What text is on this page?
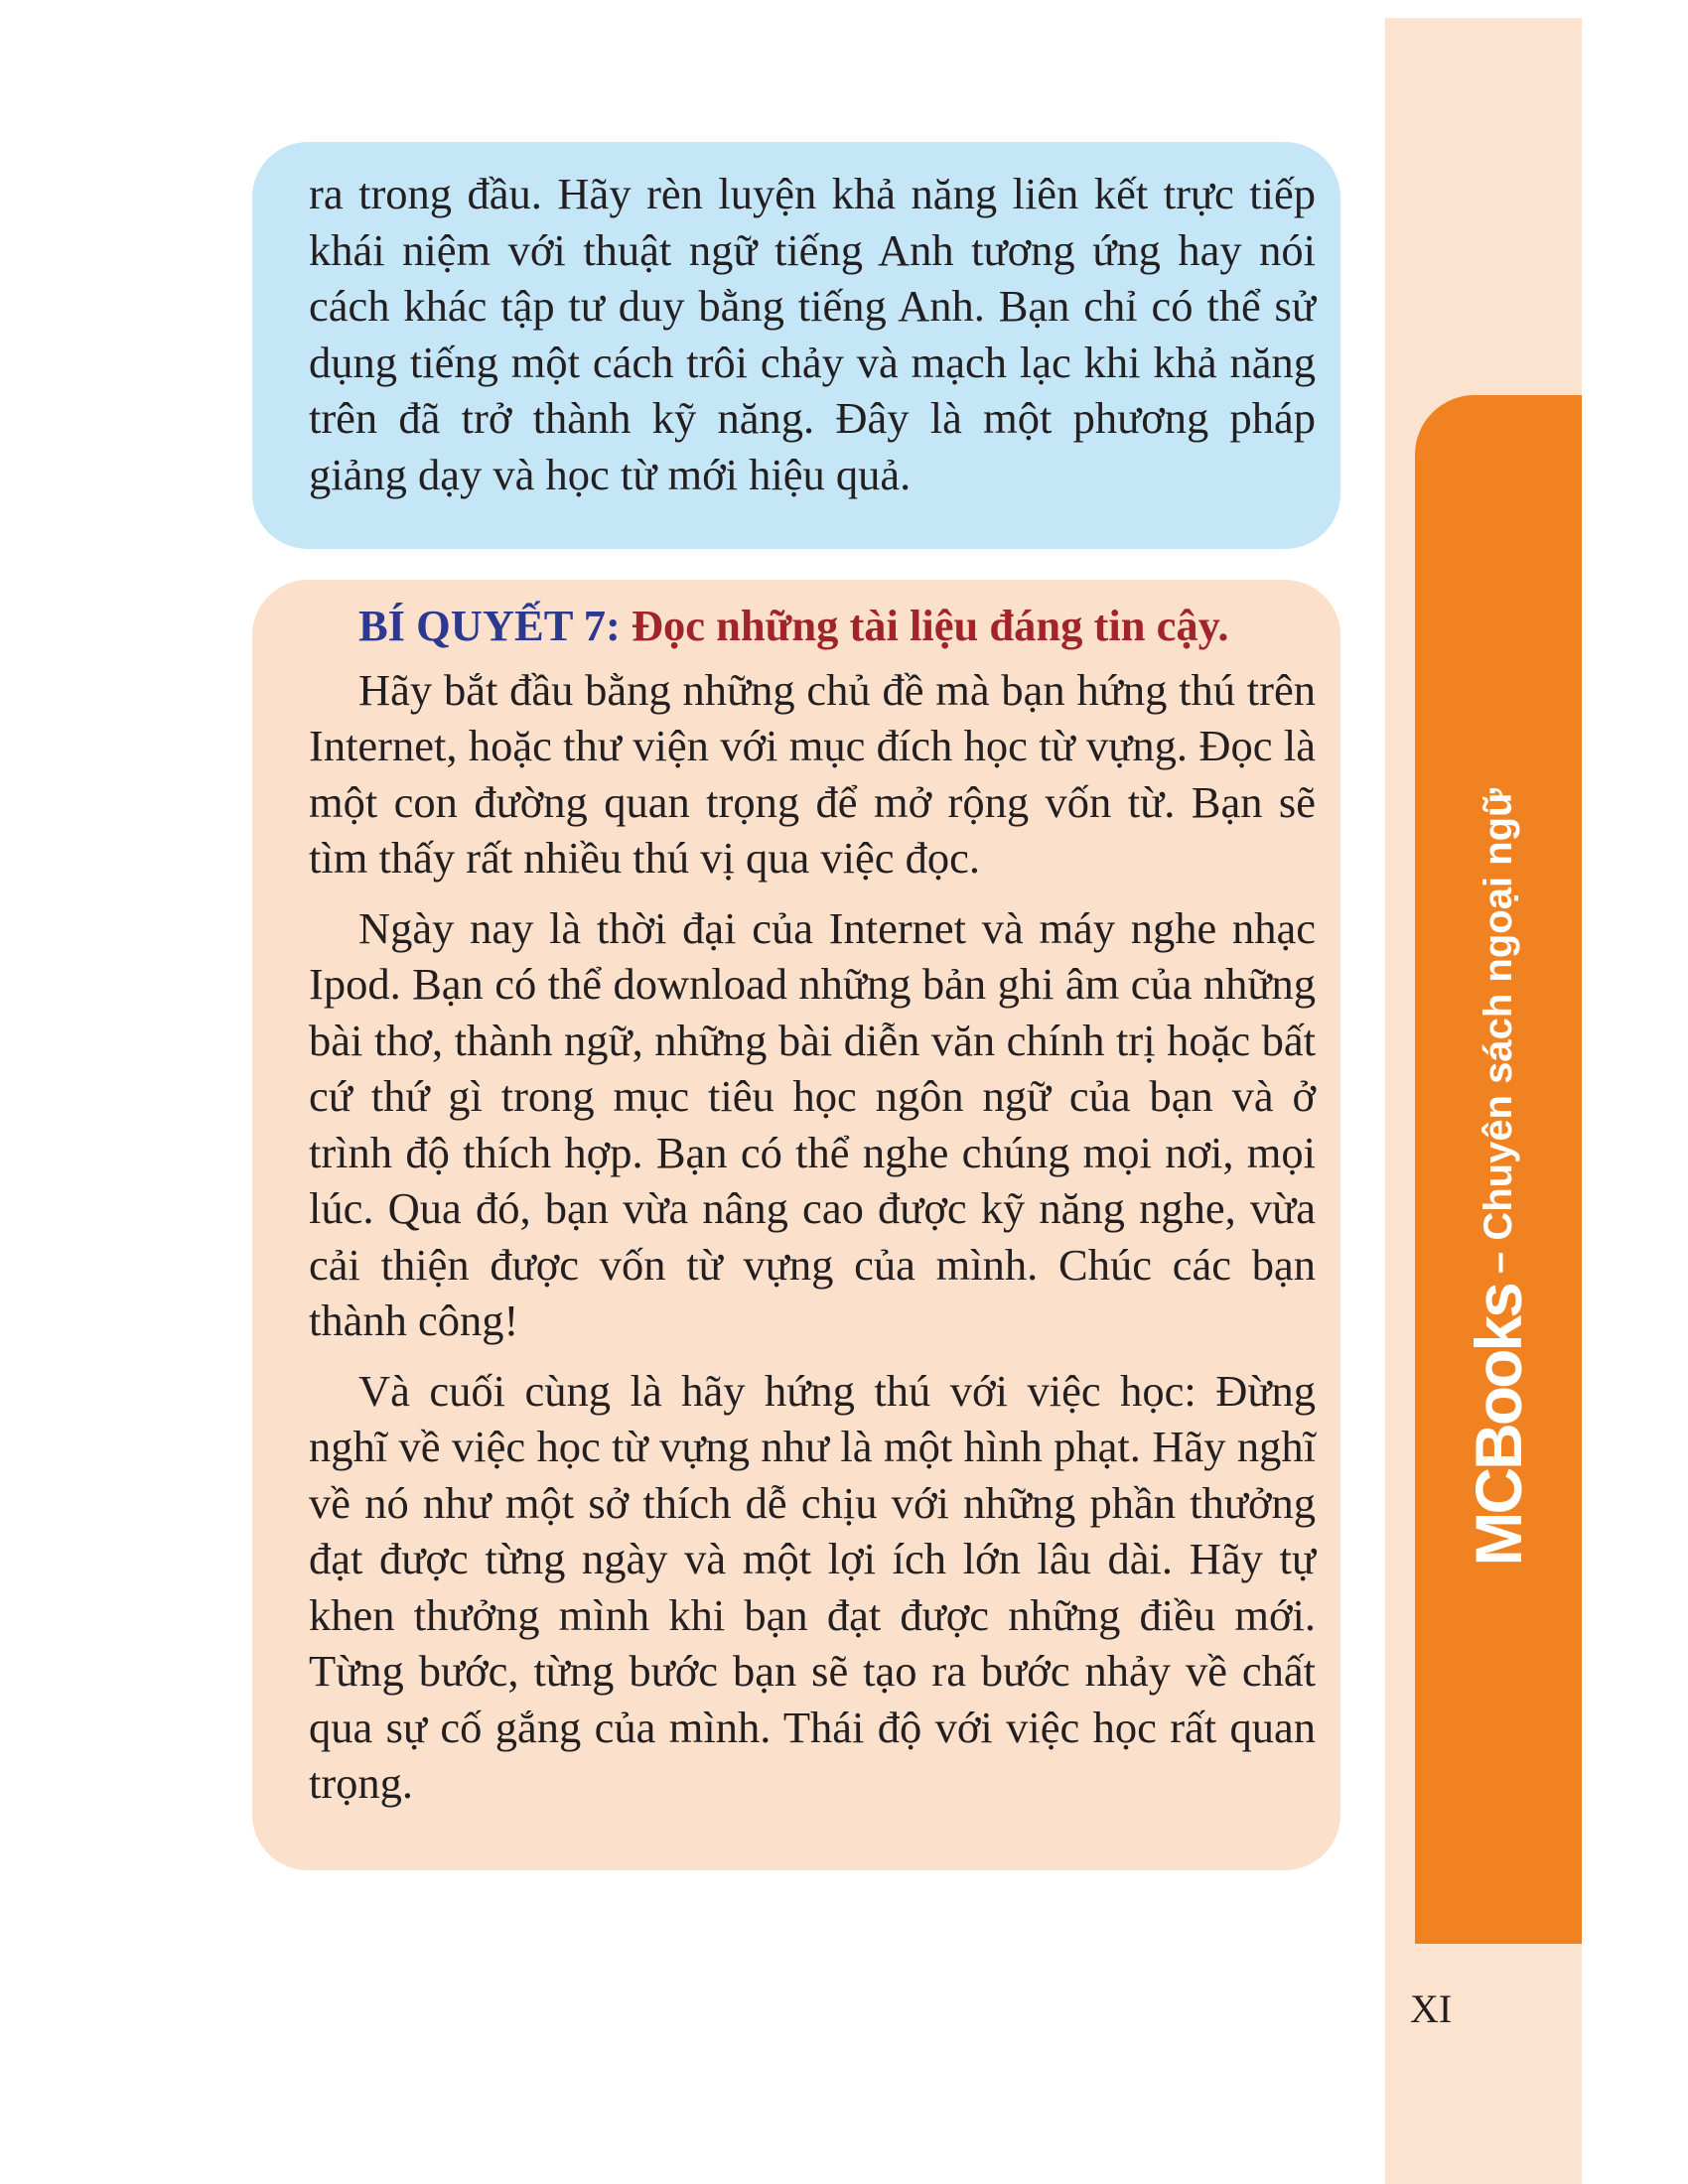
MCBooks – Chuyên sách ngoại ngữ

ra trong đầu. Hãy rèn luyện khả năng liên kết trực tiếp khái niệm với thuật ngữ tiếng Anh tương ứng hay nói cách khác tập tư duy bằng tiếng Anh. Bạn chỉ có thể sử dụng tiếng một cách trôi chảy và mạch lạc khi khả năng trên đã trở thành kỹ năng. Đây là một phương pháp giảng dạy và học từ mới hiệu quả.

BÍ QUYẾT 7: Đọc những tài liệu đáng tin cậy.

Hãy bắt đầu bằng những chủ đề mà bạn hứng thú trên Internet, hoặc thư viện với mục đích học từ vựng. Đọc là một con đường quan trọng để mở rộng vốn từ. Bạn sẽ tìm thấy rất nhiều thú vị qua việc đọc.

Ngày nay là thời đại của Internet và máy nghe nhạc Ipod. Bạn có thể download những bản ghi âm của những bài thơ, thành ngữ, những bài diễn văn chính trị hoặc bất cứ thứ gì trong mục tiêu học ngôn ngữ của bạn và ở trình độ thích hợp. Bạn có thể nghe chúng mọi nơi, mọi lúc. Qua đó, bạn vừa nâng cao được kỹ năng nghe, vừa cải thiện được vốn từ vựng của mình. Chúc các bạn thành công!

Và cuối cùng là hãy hứng thú với việc học: Đừng nghĩ về việc học từ vựng như là một hình phạt. Hãy nghĩ về nó như một sở thích dễ chịu với những phần thưởng đạt được từng ngày và một lợi ích lớn lâu dài. Hãy tự khen thưởng mình khi bạn đạt được những điều mới. Từng bước, từng bước bạn sẽ tạo ra bước nhảy về chất qua sự cố gắng của mình. Thái độ với việc học rất quan trọng.

XI
